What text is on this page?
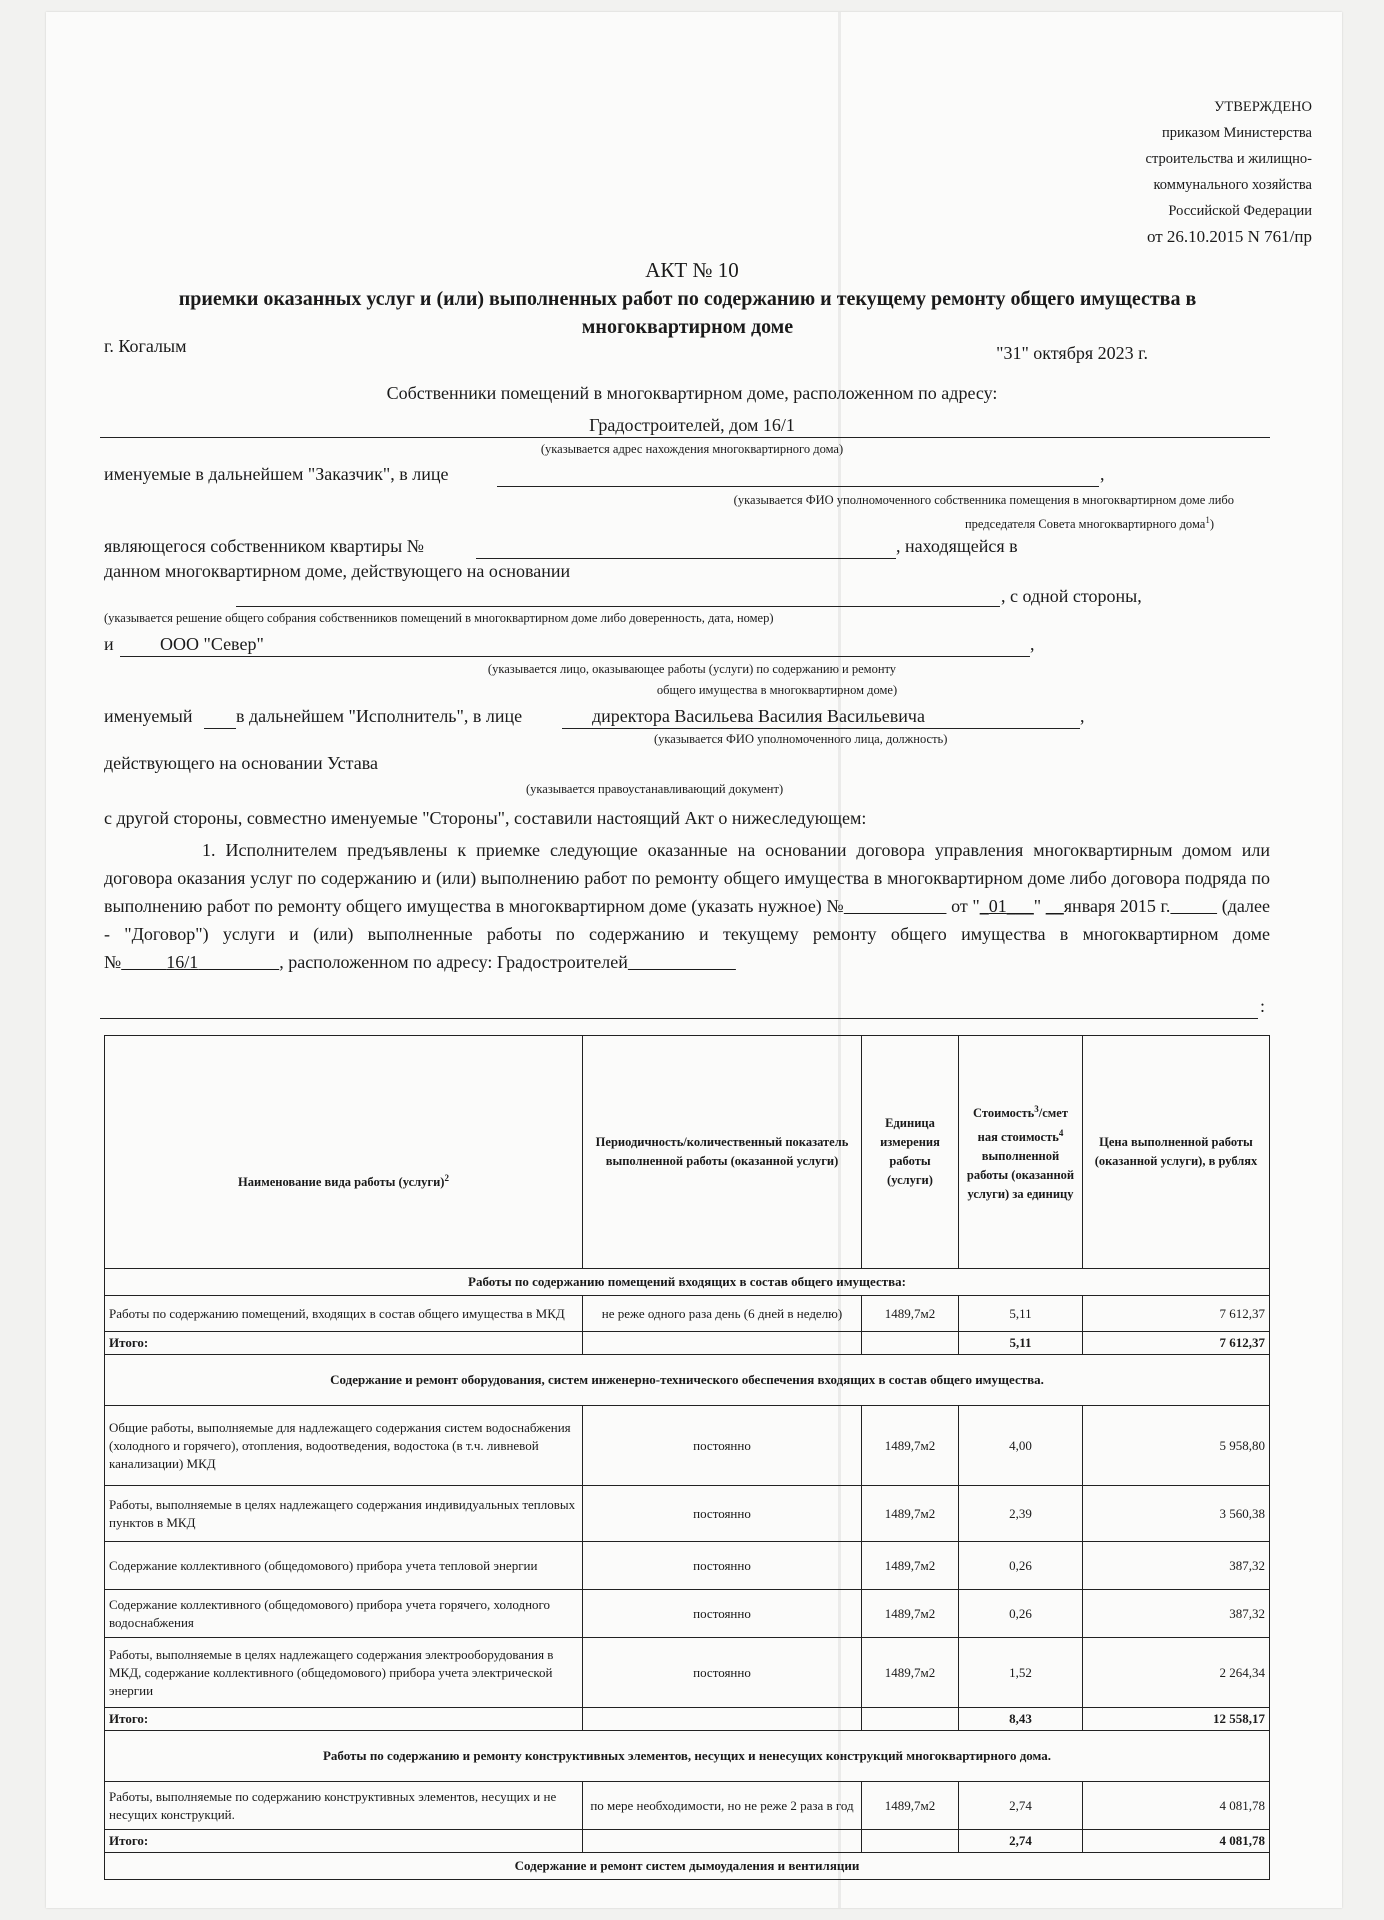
УТВЕРЖДЕНО
приказом Министерства
строительства и жилищно-
коммунального хозяйства
Российской Федерации
от 26.10.2015 N 761/пр
АКТ № 10
приемки оказанных услуг и (или) выполненных работ по содержанию и текущему ремонту общего имущества в многоквартирном доме
г. Когалым	"31" октября 2023 г.
Собственники помещений в многоквартирном доме, расположенном по адресу:
Градостроителей, дом 16/1
(указывается адрес нахождения многоквартирного дома)
именуемые в дальнейшем "Заказчик", в лице	,
(указывается ФИО уполномоченного собственника помещения в многоквартирном доме либо
председателя Совета многоквартирного дома$^1$)
являющегося собственником квартиры №	, находящейся в
данном многоквартирном доме, действующего на основании
, с одной стороны,
(указывается решение общего собрания собственников помещений в многоквартирном доме либо доверенность, дата, номер)
и	ООО "Север"	,
(указывается лицо, оказывающее работы (услуги) по содержанию и ремонту
общего имущества в многоквартирном доме)
именуемый в дальнейшем "Исполнитель", в лице	директора Васильева Василия Васильевича	,
(указывается ФИО уполномоченного лица, должность)
действующего на основании Устава
(указывается правоустанавливающий документ)
с другой стороны, совместно именуемые "Стороны", составили настоящий Акт о нижеследующем:
1. Исполнителем предъявлены к приемке следующие оказанные на основании договора управления многоквартирным домом или договора оказания услуг по содержанию и (или) выполнению работ по ремонту общего имущества в многоквартирном доме либо договора подряда по выполнению работ по ремонту общего имущества в многоквартирном доме (указать нужное) №	от "_01___" __января 2015 г.	(далее - "Договор") услуги и (или) выполненные работы по содержанию и текущему ремонту общего имущества в многоквартирном доме №	16/1	, расположенном по адресу: Градостроителей
:
Наименование вида работы (услуги)$^2$	Периодичность/количественный показатель выполненной работы (оказанной услуги)	Единица измерения работы (услуги)	Стоимость$^3$/смет ная стоимость$^4$ выполненной работы (оказанной услуги) за единицу	Цена выполненной работы (оказанной услуги), в рублях
Работы по содержанию помещений входящих в состав общего имущества:				
Работы по содержанию помещений, входящих в состав общего имущества в МКД	не реже одного раза день (6 дней в неделю)	1489,7м2	5,11	7 612,37
Итого:			5,11	7 612,37
Содержание и ремонт оборудования, систем инженерно-технического обеспечения входящих в состав общего имущества.				
Общие работы, выполняемые для надлежащего содержания систем водоснабжения (холодного и горячего), отопления, водоотведения, водостока (в т.ч. ливневой канализации) МКД	постоянно	1489,7м2	4,00	5 958,80
Работы, выполняемые в целях надлежащего содержания индивидуальных тепловых пунктов в МКД	постоянно	1489,7м2	2,39	3 560,38
Содержание коллективного (общедомового) прибора учета тепловой энергии	постоянно	1489,7м2	0,26	387,32
Содержание коллективного (общедомового) прибора учета горячего, холодного водоснабжения	постоянно	1489,7м2	0,26	387,32
Работы, выполняемые в целях надлежащего содержания электрооборудования в МКД, содержание коллективного (общедомового) прибора учета электрической энергии	постоянно	1489,7м2	1,52	2 264,34
Итого:			8,43	12 558,17
Работы по содержанию и ремонту конструктивных элементов, несущих и ненесущих конструкций многоквартирного дома.				
Работы, выполняемые по содержанию конструктивных элементов, несущих и не несущих конструкций.	по мере необходимости, но не реже 2 раза в год	1489,7м2	2,74	4 081,78
Итого:			2,74	4 081,78
Содержание и ремонт систем дымоудаления и вентиляции				
